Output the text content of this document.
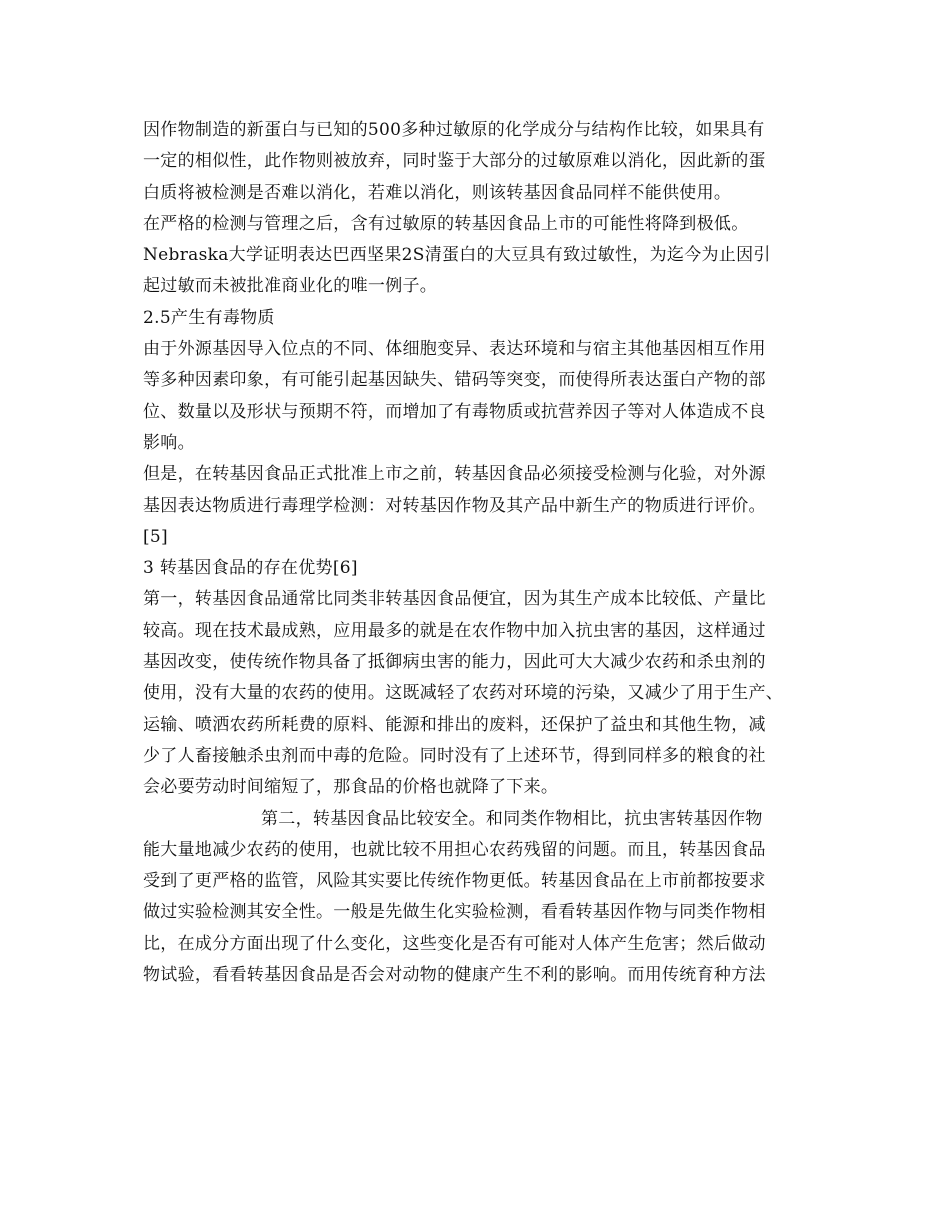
因作物制造的新蛋白与已知的500多种过敏原的化学成分与结构作比较，如果具有
一定的相似性，此作物则被放弃，同时鉴于大部分的过敏原难以消化，因此新的蛋
白质将被检测是否难以消化，若难以消化，则该转基因食品同样不能供使用。
在严格的检测与管理之后，含有过敏原的转基因食品上市的可能性将降到极低。
Nebraska大学证明表达巴西坚果2S清蛋白的大豆具有致过敏性，为迄今为止因引
起过敏而未被批准商业化的唯一例子。
2.5产生有毒物质
由于外源基因导入位点的不同、体细胞变异、表达环境和与宿主其他基因相互作用
等多种因素印象，有可能引起基因缺失、错码等突变，而使得所表达蛋白产物的部
位、数量以及形状与预期不符，而增加了有毒物质或抗营养因子等对人体造成不良
影响。
但是，在转基因食品正式批准上市之前，转基因食品必须接受检测与化验，对外源
基因表达物质进行毒理学检测：对转基因作物及其产品中新生产的物质进行评价。
[5]
3 转基因食品的存在优势[6]
第一，转基因食品通常比同类非转基因食品便宜，因为其生产成本比较低、产量比
较高。现在技术最成熟，应用最多的就是在农作物中加入抗虫害的基因，这样通过
基因改变，使传统作物具备了抵御病虫害的能力，因此可大大减少农药和杀虫剂的
使用，没有大量的农药的使用。这既减轻了农药对环境的污染，又减少了用于生产、
运输、喷洒农药所耗费的原料、能源和排出的废料，还保护了益虫和其他生物，减
少了人畜接触杀虫剂而中毒的危险。同时没有了上述环节，得到同样多的粮食的社
会必要劳动时间缩短了，那食品的价格也就降了下来。
第二，转基因食品比较安全。和同类作物相比，抗虫害转基因作物
能大量地减少农药的使用，也就比较不用担心农药残留的问题。而且，转基因食品
受到了更严格的监管，风险其实要比传统作物更低。转基因食品在上市前都按要求
做过实验检测其安全性。一般是先做生化实验检测，看看转基因作物与同类作物相
比，在成分方面出现了什么变化，这些变化是否有可能对人体产生危害；然后做动
物试验，看看转基因食品是否会对动物的健康产生不利的影响。而用传统育种方法
